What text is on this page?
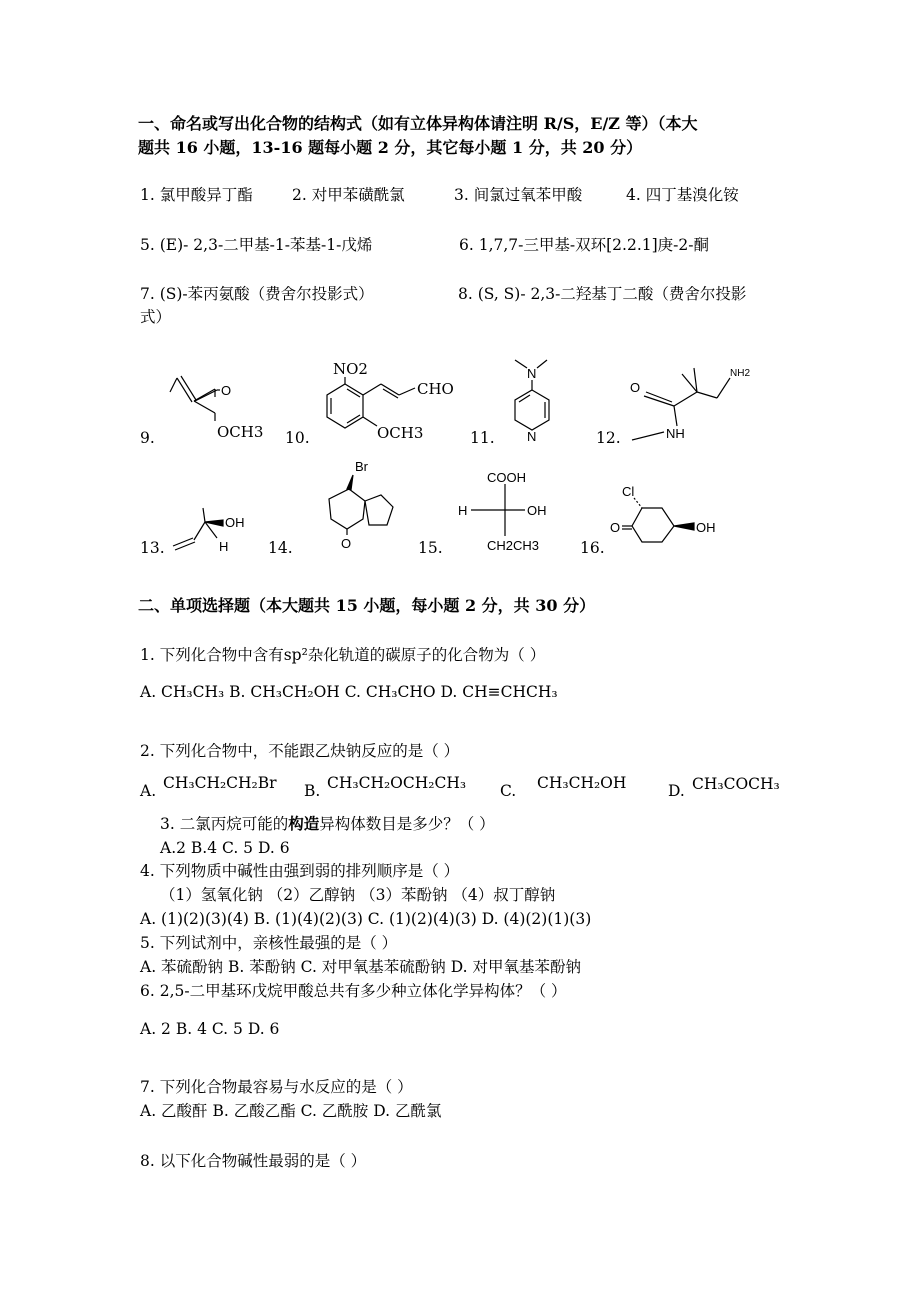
一、命名或写出化合物的结构式（如有立体异构体请注明 R/S，E/Z 等）（本大
题共 16 小题，13-16 题每小题 2 分，其它每小题 1 分，共 20 分）
1. 氯甲酸异丁酯	2. 对甲苯磺酰氯	3. 间氯过氧苯甲酸	4. 四丁基溴化铵
5. (E)- 2,3-二甲基-1-苯基-1-戊烯	6. 1,7,7-三甲基-双环[2.2.1]庚-2-酮
7. (S)-苯丙氨酸（费舍尔投影式）	8. (S, S)- 2,3-二羟基丁二酸（费舍尔投影
式）
9.	10.	11.	12.
O
OCH3
NO2
CHO
OCH3
N
N
NH2
O
NH
13.	14.	15.	16.
OH
H
Br
O
COOH
H	OH
CH2CH3
Cl
O	OH
二、单项选择题（本大题共 15 小题，每小题 2 分，共 30 分）
1. 下列化合物中含有sp²杂化轨道的碳原子的化合物为（ ）
A. CH₃CH₃ B. CH₃CH₂OH C. CH₃CHO D. CH≡CHCH₃
2. 下列化合物中，不能跟乙炔钠反应的是（ ）
A. CH₃CH₂CH₂Br B. CH₃CH₂OCH₂CH₃ C. CH₃CH₂OH	D. CH₃COCH₃
3. 二氯丙烷可能的构造异构体数目是多少？（ ）
A.2 B.4 C. 5 D. 6
4. 下列物质中碱性由强到弱的排列顺序是（ ）
（1）氢氧化钠 （2）乙醇钠 （3）苯酚钠 （4）叔丁醇钠
A. (1)(2)(3)(4) B. (1)(4)(2)(3) C. (1)(2)(4)(3) D. (4)(2)(1)(3)
5. 下列试剂中，亲核性最强的是（ ）
A. 苯硫酚钠 B. 苯酚钠 C. 对甲氧基苯硫酚钠 D. 对甲氧基苯酚钠
6. 2,5-二甲基环戊烷甲酸总共有多少种立体化学异构体？（ ）
A. 2 B. 4 C. 5 D. 6
7. 下列化合物最容易与水反应的是（ ）
A. 乙酸酐 B. 乙酸乙酯 C. 乙酰胺 D. 乙酰氯
8. 以下化合物碱性最弱的是（ ）
